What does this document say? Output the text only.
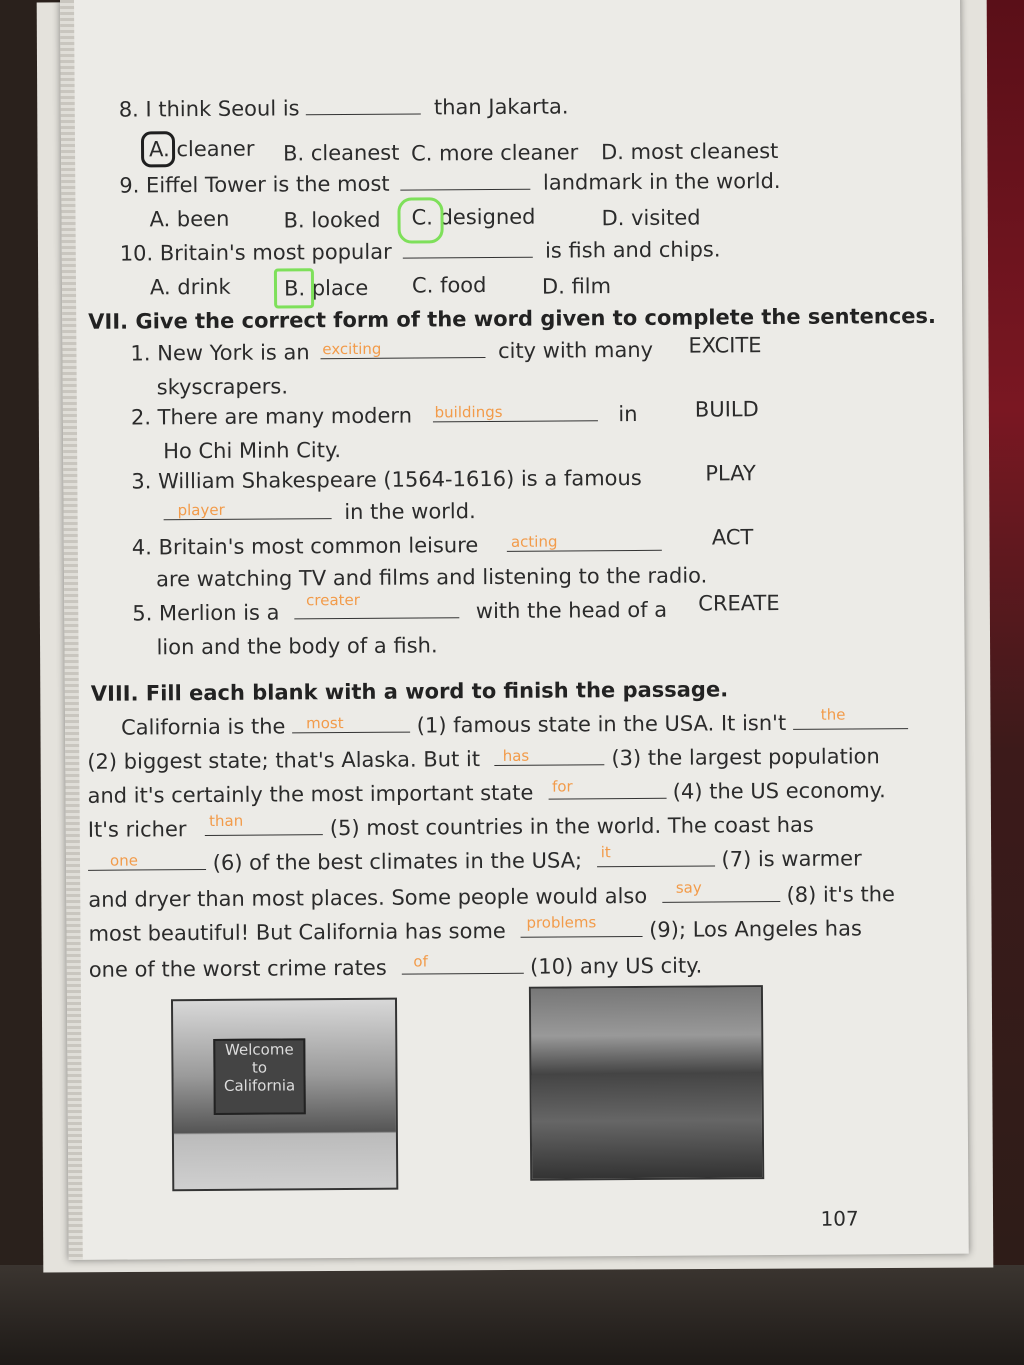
8. I think Seoul is	than Jakarta.
A. cleaner B. cleanest C. more cleaner D. most cleanest
9. Eiffel Tower is the most	landmark in the world.
A. been	B. looked C. designed	D. visited
10. Britain's most popular	is fish and chips.
A. drink	B. place C. food	D. film
VII. Give the correct form of the word given to complete the sentences.
1. New York is an exciting	city with many EXCITE
skyscrapers.
2. There are many modern buildings	in	BUILD
Ho Chi Minh City.
3. William Shakespeare (1564-1616) is a famous	PLAY
player	in the world.
4. Britain's most common leisure acting	ACT
are watching TV and films and listening to the radio.
5. Merlion is a
creater	with the head of a CREATE
lion and the body of a fish.
VIII. Fill each blank with a word to finish the passage.
California is the most	(1) famous state in the USA. It isn't the
(2) biggest state; that's Alaska. But it has	(3) the largest population
and it's certainly the most important state for	(4) the US economy.
It's richer than	(5) most countries in the world. The coast has
one	(6) of the best climates in the USA; it	(7) is warmer
and dryer than most places. Some people would also say	(8) it's the
most beautiful! But California has some problems	(9); Los Angeles has
one of the worst crime rates of	(10) any US city.
Welcome to California
107
